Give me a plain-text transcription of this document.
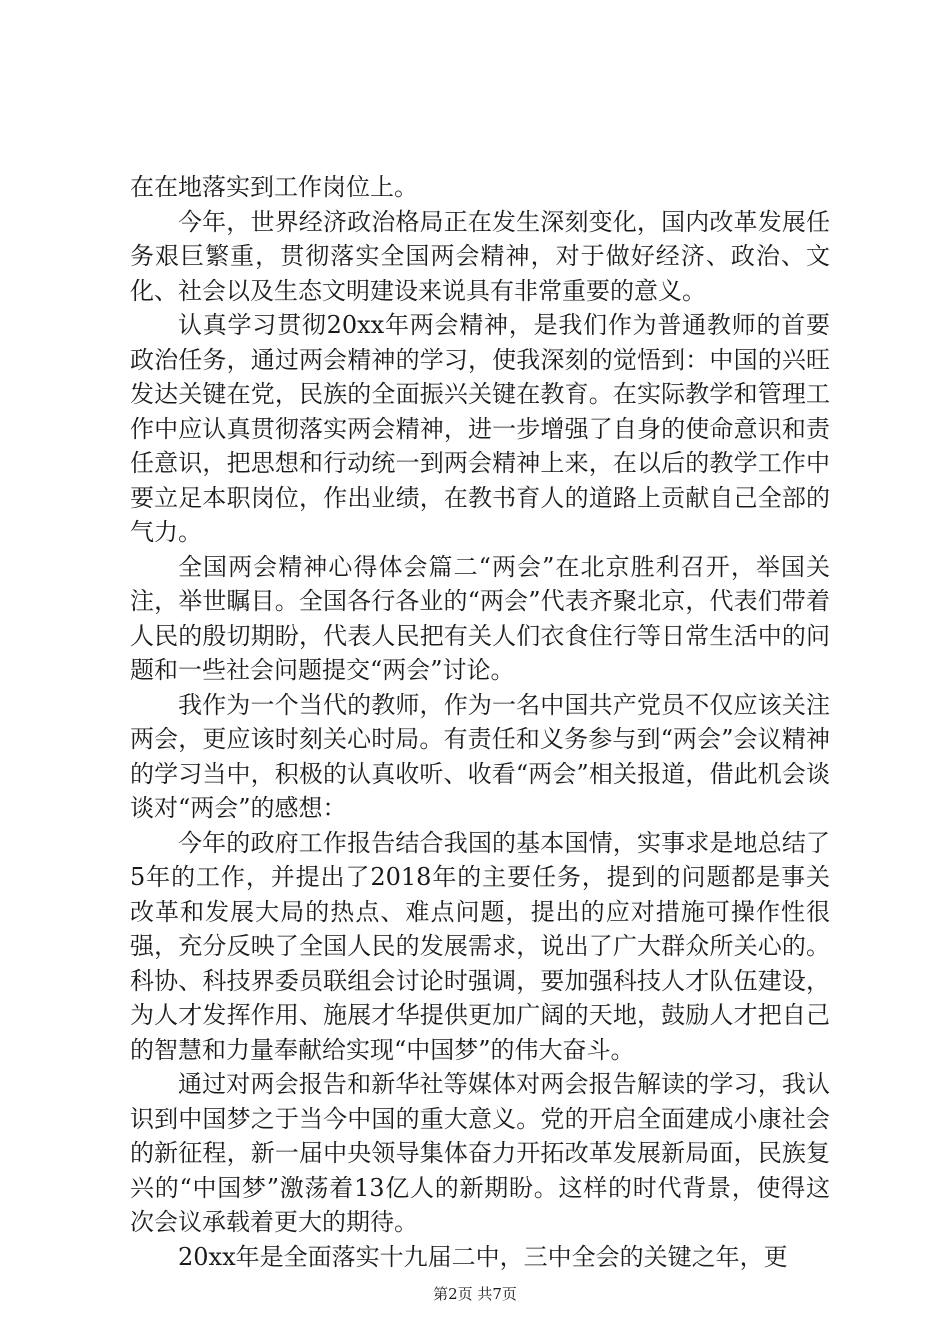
在在地落实到工作岗位上。

今年，世界经济政治格局正在发生深刻变化，国内改革发展任务艰巨繁重，贯彻落实全国两会精神，对于做好经济、政治、文化、社会以及生态文明建设来说具有非常重要的意义。

认真学习贯彻20xx年两会精神，是我们作为普通教师的首要政治任务，通过两会精神的学习，使我深刻的觉悟到：中国的兴旺发达关键在党，民族的全面振兴关键在教育。在实际教学和管理工作中应认真贯彻落实两会精神，进一步增强了自身的使命意识和责任意识，把思想和行动统一到两会精神上来，在以后的教学工作中要立足本职岗位，作出业绩，在教书育人的道路上贡献自己全部的气力。

全国两会精神心得体会篇二“两会”在北京胜利召开，举国关注，举世瞩目。全国各行各业的“两会”代表齐聚北京，代表们带着人民的殷切期盼，代表人民把有关人们衣食住行等日常生活中的问题和一些社会问题提交“两会”讨论。

我作为一个当代的教师，作为一名中国共产党员不仅应该关注两会，更应该时刻关心时局。有责任和义务参与到“两会”会议精神的学习当中，积极的认真收听、收看“两会”相关报道，借此机会谈谈对“两会”的感想：

今年的政府工作报告结合我国的基本国情，实事求是地总结了5年的工作，并提出了2018年的主要任务，提到的问题都是事关改革和发展大局的热点、难点问题，提出的应对措施可操作性很强，充分反映了全国人民的发展需求，说出了广大群众所关心的。科协、科技界委员联组会讨论时强调，要加强科技人才队伍建设，为人才发挥作用、施展才华提供更加广阔的天地，鼓励人才把自己的智慧和力量奉献给实现“中国梦”的伟大奋斗。

通过对两会报告和新华社等媒体对两会报告解读的学习，我认识到中国梦之于当今中国的重大意义。党的开启全面建成小康社会的新征程，新一届中央领导集体奋力开拓改革发展新局面，民族复兴的“中国梦”激荡着13亿人的新期盼。这样的时代背景，使得这次会议承载着更大的期待。

20xx年是全面落实十九届二中，三中全会的关键之年，更

第2页 共7页
